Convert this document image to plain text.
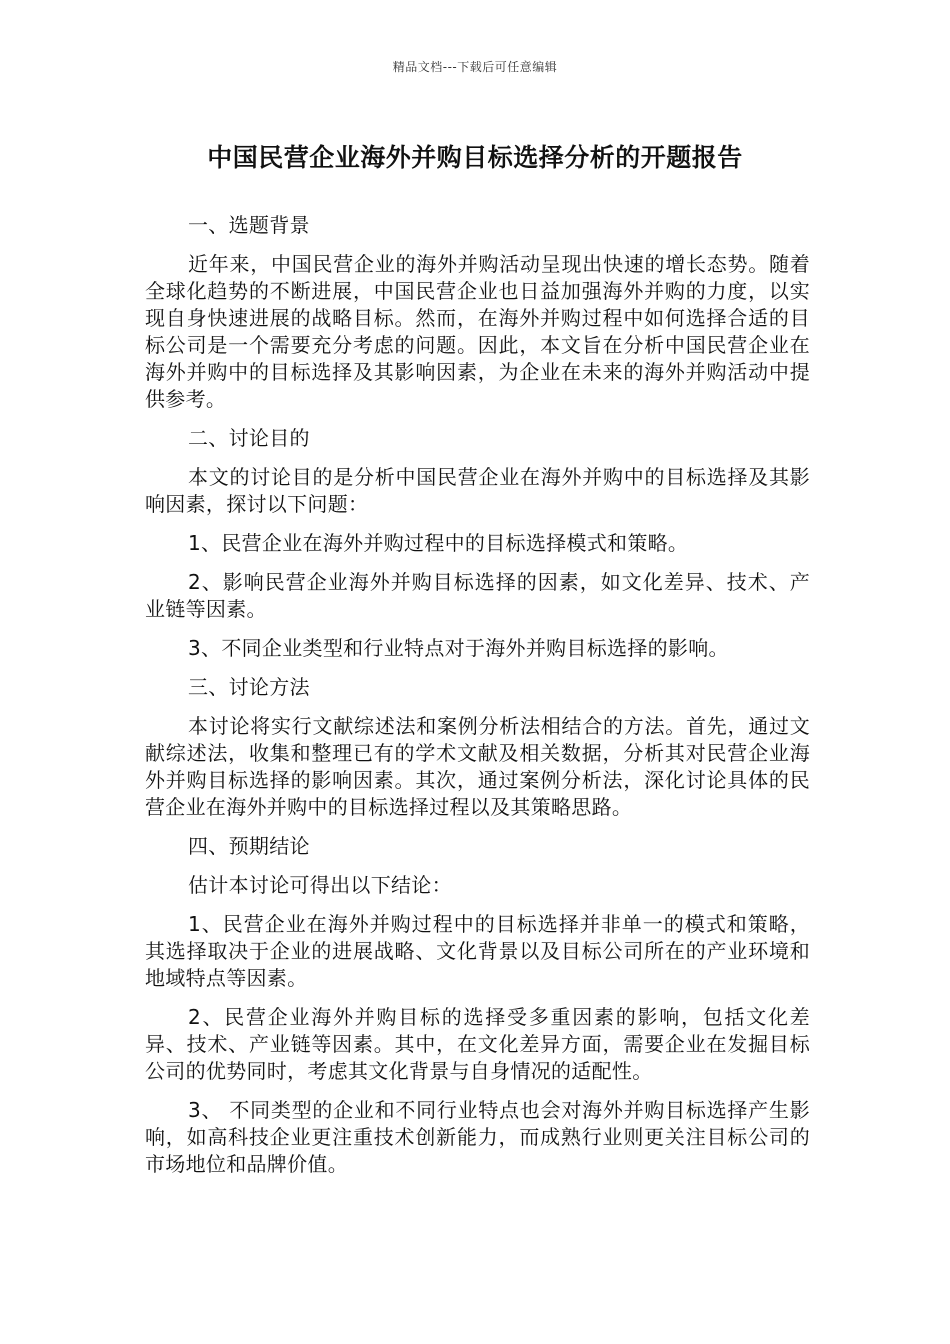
精品文档---下载后可任意编辑
中国民营企业海外并购目标选择分析的开题报告

一、选题背景

近年来，中国民营企业的海外并购活动呈现出快速的增长态势。随着全球化趋势的不断进展，中国民营企业也日益加强海外并购的力度，以实现自身快速进展的战略目标。然而，在海外并购过程中如何选择合适的目标公司是一个需要充分考虑的问题。因此，本文旨在分析中国民营企业在海外并购中的目标选择及其影响因素，为企业在未来的海外并购活动中提供参考。

二、讨论目的

本文的讨论目的是分析中国民营企业在海外并购中的目标选择及其影响因素，探讨以下问题：

1、民营企业在海外并购过程中的目标选择模式和策略。

2、影响民营企业海外并购目标选择的因素，如文化差异、技术、产业链等因素。

3、不同企业类型和行业特点对于海外并购目标选择的影响。

三、讨论方法

本讨论将实行文献综述法和案例分析法相结合的方法。首先，通过文献综述法，收集和整理已有的学术文献及相关数据，分析其对民营企业海外并购目标选择的影响因素。其次，通过案例分析法，深化讨论具体的民营企业在海外并购中的目标选择过程以及其策略思路。

四、预期结论

估计本讨论可得出以下结论：

1、民营企业在海外并购过程中的目标选择并非单一的模式和策略，其选择取决于企业的进展战略、文化背景以及目标公司所在的产业环境和地域特点等因素。

2、民营企业海外并购目标的选择受多重因素的影响，包括文化差异、技术、产业链等因素。其中，在文化差异方面，需要企业在发掘目标公司的优势同时，考虑其文化背景与自身情况的适配性。

3、 不同类型的企业和不同行业特点也会对海外并购目标选择产生影响，如高科技企业更注重技术创新能力，而成熟行业则更关注目标公司的市场地位和品牌价值。
